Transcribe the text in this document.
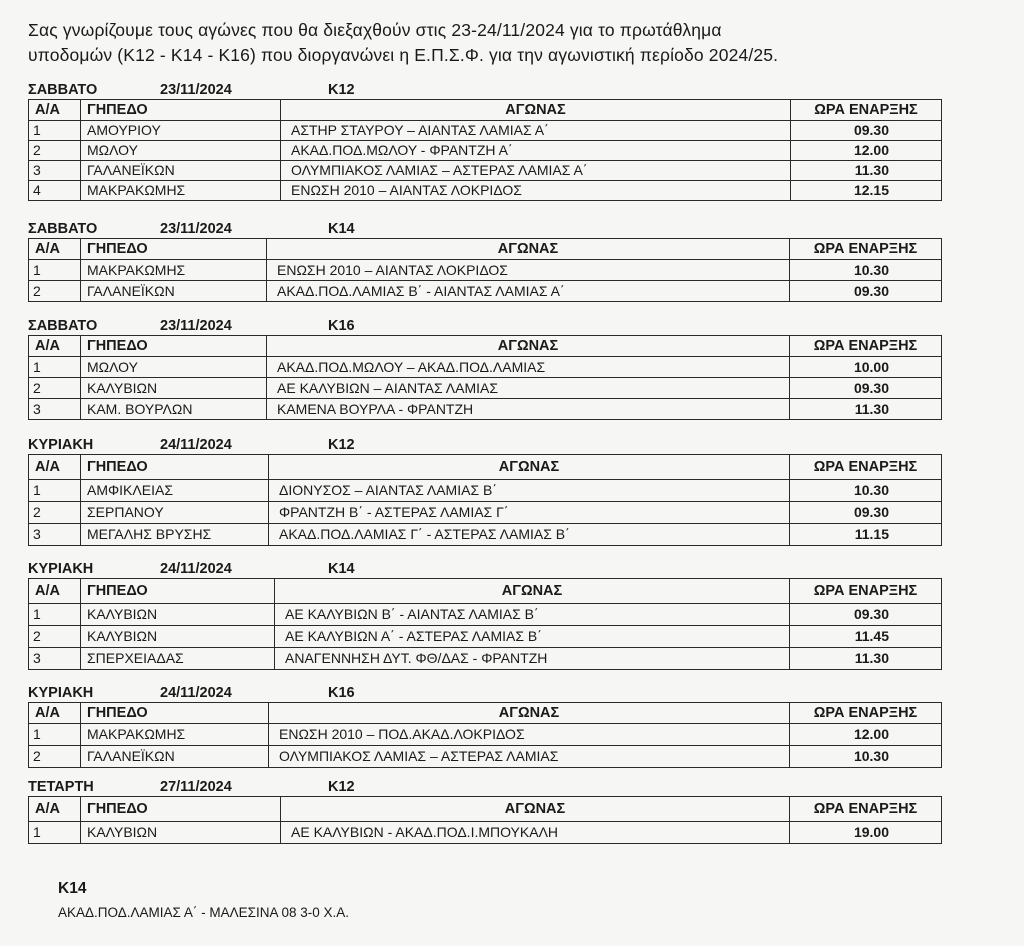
Σας γνωρίζουμε τους αγώνες που θα διεξαχθούν στις 23-24/11/2024 για το πρωτάθλημα
υποδομών (Κ12 - Κ14 - Κ16) που διοργανώνει η Ε.Π.Σ.Φ. για την αγωνιστική περίοδο 2024/25.
ΣΑΒΒΑΤΟ	23/11/2024	Κ12
Α/Α	ΓΗΠΕΔΟ	ΑΓΩΝΑΣ	ΩΡΑ ΕΝΑΡΞΗΣ
1	ΑΜΟΥΡΙΟΥ	ΑΣΤΗΡ ΣΤΑΥΡΟΥ – ΑΙΑΝΤΑΣ ΛΑΜΙΑΣ Α΄	09.30
2	ΜΩΛΟΥ	ΑΚΑΔ.ΠΟΔ.ΜΩΛΟΥ - ΦΡΑΝΤΖΗ Α΄	12.00
3	ΓΑΛΑΝΕΪΚΩΝ	ΟΛΥΜΠΙΑΚΟΣ ΛΑΜΙΑΣ – ΑΣΤΕΡΑΣ ΛΑΜΙΑΣ Α΄	11.30
4	ΜΑΚΡΑΚΩΜΗΣ	ΕΝΩΣΗ 2010 – ΑΙΑΝΤΑΣ ΛΟΚΡΙΔΟΣ	12.15
ΣΑΒΒΑΤΟ	23/11/2024	Κ14
Α/Α	ΓΗΠΕΔΟ	ΑΓΩΝΑΣ	ΩΡΑ ΕΝΑΡΞΗΣ
1	ΜΑΚΡΑΚΩΜΗΣ	ΕΝΩΣΗ 2010 – ΑΙΑΝΤΑΣ ΛΟΚΡΙΔΟΣ	10.30
2	ΓΑΛΑΝΕΪΚΩΝ	ΑΚΑΔ.ΠΟΔ.ΛΑΜΙΑΣ Β΄ - ΑΙΑΝΤΑΣ ΛΑΜΙΑΣ Α΄	09.30
ΣΑΒΒΑΤΟ	23/11/2024	Κ16
Α/Α	ΓΗΠΕΔΟ	ΑΓΩΝΑΣ	ΩΡΑ ΕΝΑΡΞΗΣ
1	ΜΩΛΟΥ	ΑΚΑΔ.ΠΟΔ.ΜΩΛΟΥ – ΑΚΑΔ.ΠΟΔ.ΛΑΜΙΑΣ	10.00
2	ΚΑΛΥΒΙΩΝ	ΑΕ ΚΑΛΥΒΙΩΝ – ΑΙΑΝΤΑΣ ΛΑΜΙΑΣ	09.30
3	ΚΑΜ. ΒΟΥΡΛΩΝ	ΚΑΜΕΝΑ ΒΟΥΡΛΑ - ΦΡΑΝΤΖΗ	11.30
ΚΥΡΙΑΚΗ	24/11/2024	Κ12
Α/Α	ΓΗΠΕΔΟ	ΑΓΩΝΑΣ	ΩΡΑ ΕΝΑΡΞΗΣ
1	ΑΜΦΙΚΛΕΙΑΣ	ΔΙΟΝΥΣΟΣ – ΑΙΑΝΤΑΣ ΛΑΜΙΑΣ Β΄	10.30
2	ΣΕΡΠΑΝΟΥ	ΦΡΑΝΤΖΗ Β΄ - ΑΣΤΕΡΑΣ ΛΑΜΙΑΣ Γ΄	09.30
3	ΜΕΓΑΛΗΣ ΒΡΥΣΗΣ	ΑΚΑΔ.ΠΟΔ.ΛΑΜΙΑΣ Γ΄ - ΑΣΤΕΡΑΣ ΛΑΜΙΑΣ Β΄	11.15
ΚΥΡΙΑΚΗ	24/11/2024	Κ14
Α/Α	ΓΗΠΕΔΟ	ΑΓΩΝΑΣ	ΩΡΑ ΕΝΑΡΞΗΣ
1	ΚΑΛΥΒΙΩΝ	ΑΕ ΚΑΛΥΒΙΩΝ Β΄ - ΑΙΑΝΤΑΣ ΛΑΜΙΑΣ Β΄	09.30
2	ΚΑΛΥΒΙΩΝ	ΑΕ ΚΑΛΥΒΙΩΝ Α΄ - ΑΣΤΕΡΑΣ ΛΑΜΙΑΣ Β΄	11.45
3	ΣΠΕΡΧΕΙΑΔΑΣ	ΑΝΑΓΕΝΝΗΣΗ ΔΥΤ. ΦΘ/ΔΑΣ - ΦΡΑΝΤΖΗ	11.30
ΚΥΡΙΑΚΗ	24/11/2024	Κ16
Α/Α	ΓΗΠΕΔΟ	ΑΓΩΝΑΣ	ΩΡΑ ΕΝΑΡΞΗΣ
1	ΜΑΚΡΑΚΩΜΗΣ	ΕΝΩΣΗ 2010 – ΠΟΔ.ΑΚΑΔ.ΛΟΚΡΙΔΟΣ	12.00
2	ΓΑΛΑΝΕΪΚΩΝ	ΟΛΥΜΠΙΑΚΟΣ ΛΑΜΙΑΣ – ΑΣΤΕΡΑΣ ΛΑΜΙΑΣ	10.30
ΤΕΤΑΡΤΗ	27/11/2024	Κ12
Α/Α	ΓΗΠΕΔΟ	ΑΓΩΝΑΣ	ΩΡΑ ΕΝΑΡΞΗΣ
1	ΚΑΛΥΒΙΩΝ	ΑΕ ΚΑΛΥΒΙΩΝ - ΑΚΑΔ.ΠΟΔ.Ι.ΜΠΟΥΚΑΛΗ	19.00
Κ14
ΑΚΑΔ.ΠΟΔ.ΛΑΜΙΑΣ Α΄ - ΜΑΛΕΣΙΝΑ 08 3-0 Χ.Α.
